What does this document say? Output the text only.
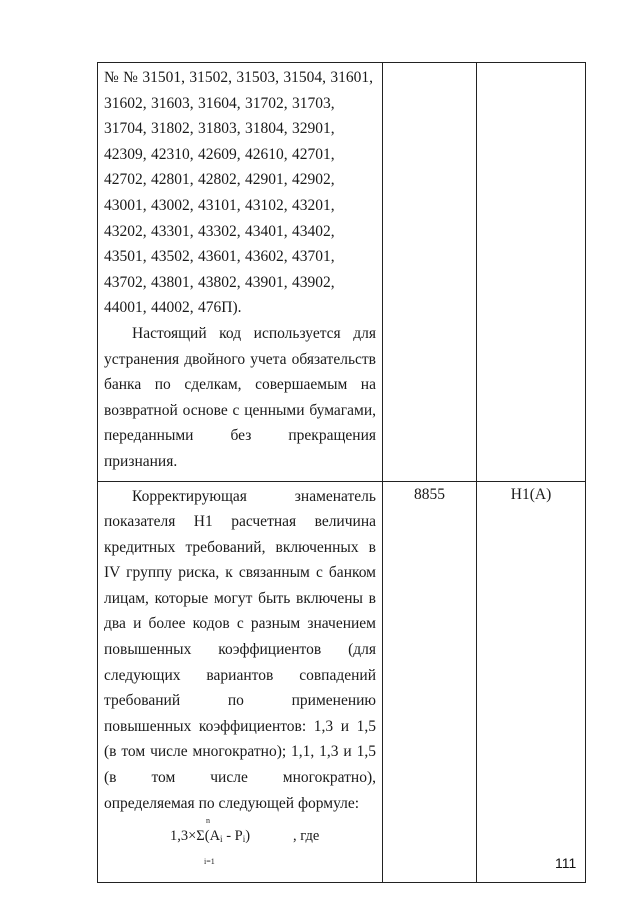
№ № 31501, 31502, 31503, 31504, 31601, 31602, 31603, 31604, 31702, 31703, 31704, 31802, 31803, 31804, 32901, 42309, 42310, 42609, 42610, 42701, 42702, 42801, 42802, 42901, 42902, 43001, 43002, 43101, 43102, 43201, 43202, 43301, 43302, 43401, 43402, 43501, 43502, 43601, 43602, 43701, 43702, 43801, 43802, 43901, 43902, 44001, 44002, 476П).

Настоящий код используется для устранения двойного учета обязательств банка по сделкам, совершаемым на возвратной основе с ценными бумагами, переданными без прекращения признания.		

Корректирующая знаменатель показателя Н1 расчетная величина кредитных требований, включенных в IV группу риска, к связанным с банком лицам, которые могут быть включены в два и более кодов с разным значением повышенных коэффициентов (для следующих вариантов совпадений требований по применению повышенных коэффициентов: 1,3 и 1,5 (в том числе многократно); 1,1, 1,3 и 1,5 (в том числе многократно), определяемая по следующей формуле:

n
$1,3\times\Sigma(A_i - P_i)$ , где
i=1	8855	Н1(А)
111
